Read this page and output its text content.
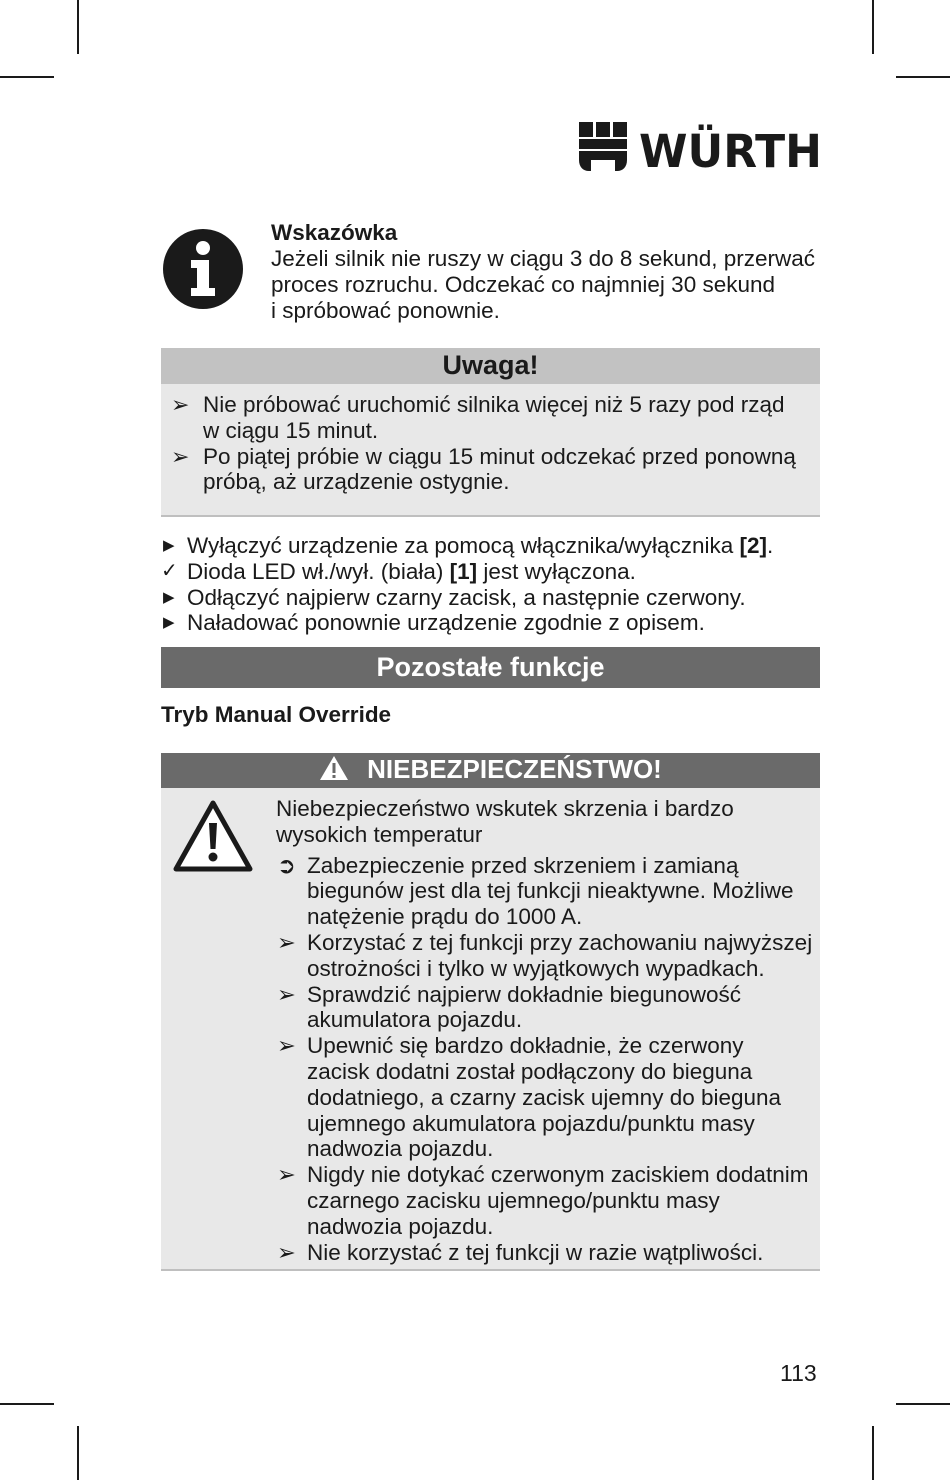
WÜRTH
Wskazówka
Jeżeli silnik nie ruszy w ciągu 3 do 8 sekund, przerwać
proces rozruchu. Odczekać co najmniej 30 sekund
i spróbować ponownie.
Uwaga!
➢ Nie próbować uruchomić silnika więcej niż 5 razy pod rząd
w ciągu 15 minut.
➢ Po piątej próbie w ciągu 15 minut odczekać przed ponowną
próbą, aż urządzenie ostygnie.
▶ Wyłączyć urządzenie za pomocą włącznika/wyłącznika [2].
✓ Dioda LED wł./wył. (biała) [1] jest wyłączona.
▶ Odłączyć najpierw czarny zacisk, a następnie czerwony.
▶ Naładować ponownie urządzenie zgodnie z opisem.
Pozostałe funkcje
Tryb Manual Override
NIEBEZPIECZEŃSTWO!
Niebezpieczeństwo wskutek skrzenia i bardzo
wysokich temperatur
➲ Zabezpieczenie przed skrzeniem i zamianą
biegunów jest dla tej funkcji nieaktywne. Możliwe
natężenie prądu do 1000 A.
➢ Korzystać z tej funkcji przy zachowaniu najwyższej
ostrożności i tylko w wyjątkowych wypadkach.
➢ Sprawdzić najpierw dokładnie biegunowość
akumulatora pojazdu.
➢ Upewnić się bardzo dokładnie, że czerwony
zacisk dodatni został podłączony do bieguna
dodatniego, a czarny zacisk ujemny do bieguna
ujemnego akumulatora pojazdu/punktu masy
nadwozia pojazdu.
➢ Nigdy nie dotykać czerwonym zaciskiem dodatnim
czarnego zacisku ujemnego/punktu masy
nadwozia pojazdu.
➢ Nie korzystać z tej funkcji w razie wątpliwości.
113
